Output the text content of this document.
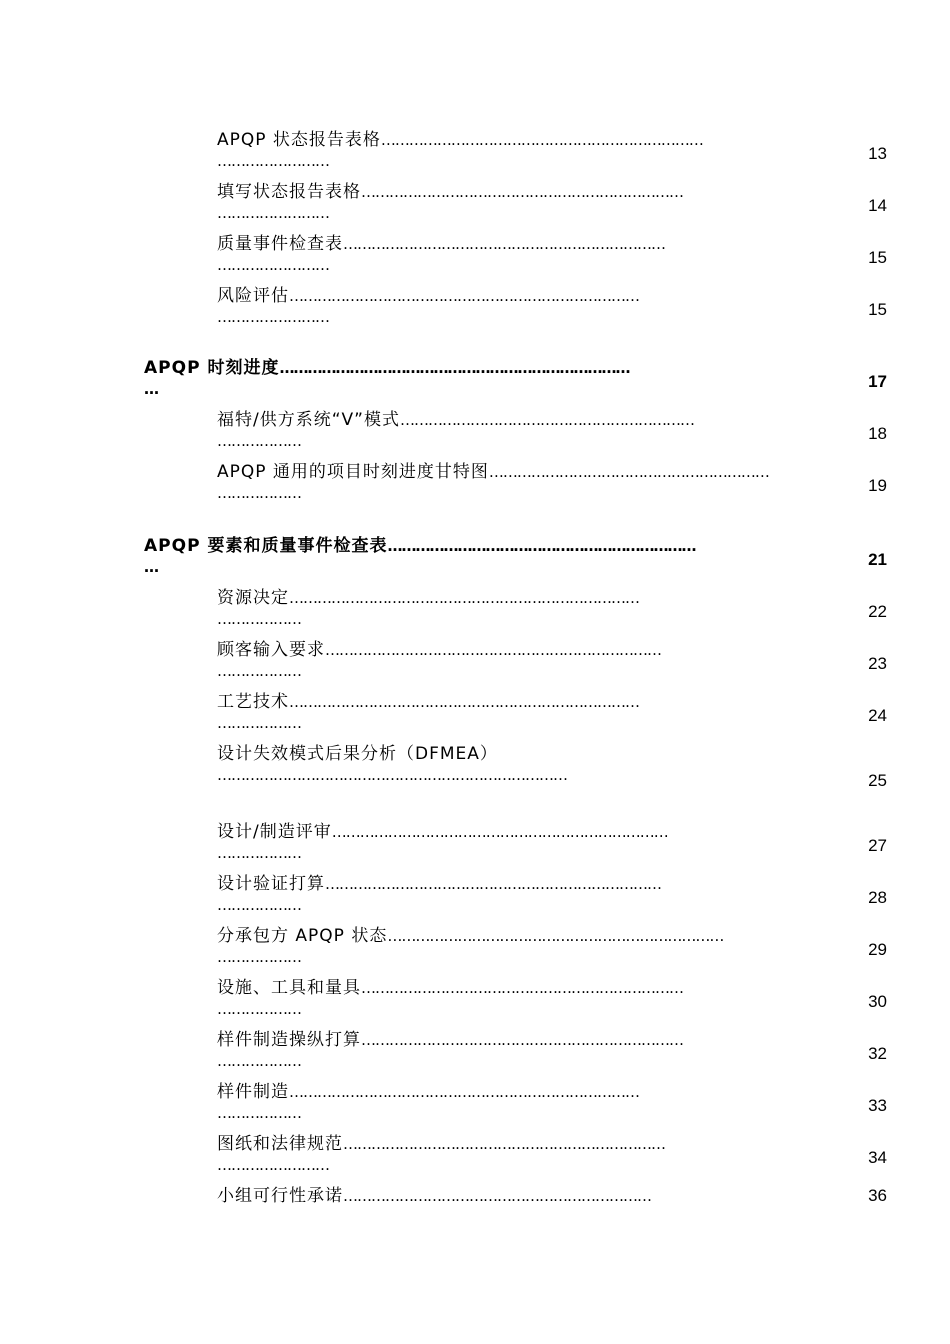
APQP 状态报告表格……………………………………………………………
……………………	13
填写状态报告表格……………………………………………………………
……………………	14
质量事件检查表……………………………………………………………
……………………	15
风险评估…………………………………………………………………
……………………	15
APQP 时刻进度…………………………………………………………………
…	17
福特/供方系统“V”模式………………………………………………………
………………	18
APQP 通用的项目时刻进度甘特图……………………………………………………
………………	19
APQP 要素和质量事件检查表…………………………………………………………
…	21
资源决定…………………………………………………………………
………………	22
顾客输入要求………………………………………………………………
………………	23
工艺技术…………………………………………………………………
………………	24
设计失效模式后果分析（DFMEA）
…………………………………………………………………	25
设计/制造评审………………………………………………………………
………………	27
设计验证打算………………………………………………………………
………………	28
分承包方 APQP 状态………………………………………………………………
………………	29
设施、工具和量具……………………………………………………………
………………	30
样件制造操纵打算……………………………………………………………
………………	32
样件制造…………………………………………………………………
………………	33
图纸和法律规范……………………………………………………………
……………………	34
小组可行性承诺…………………………………………………………	36
